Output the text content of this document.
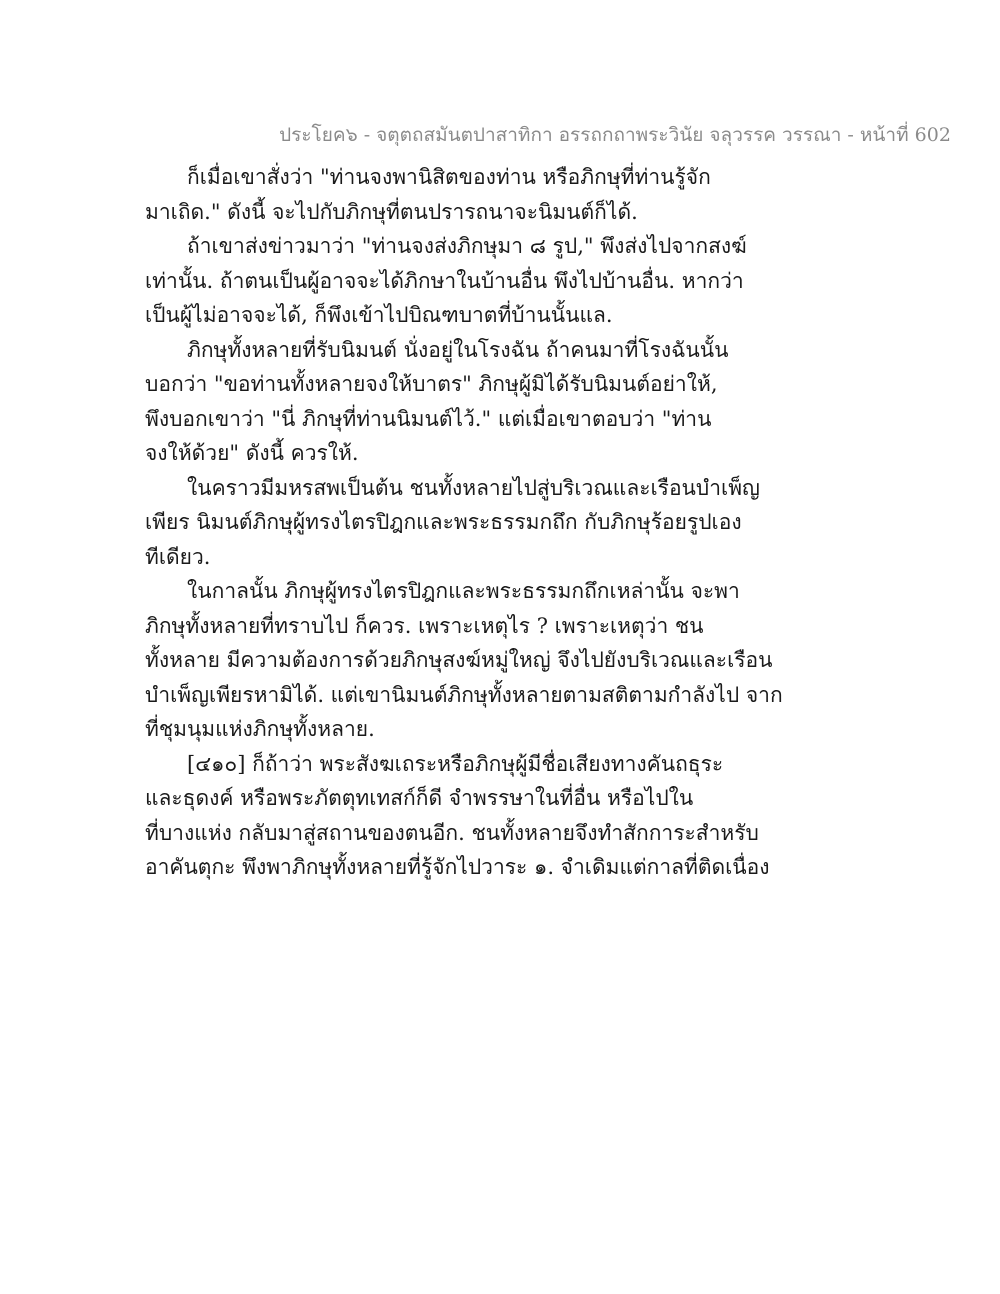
ประโยค๖ - จตุตถสมันตปาสาทิกา อรรถกถาพระวินัย จลุวรรค วรรณา - หน้าที่ 602
ก็เมื่อเขาสั่งว่า "ท่านจงพานิสิตของท่าน หรือภิกษุที่ท่านรู้จัก
มาเถิด." ดังนี้ จะไปกับภิกษุที่ตนปรารถนาจะนิมนต์ก็ได้.
ถ้าเขาส่งข่าวมาว่า "ท่านจงส่งภิกษุมา ๘ รูป," พึงส่งไปจากสงฆ์
เท่านั้น. ถ้าตนเป็นผู้อาจจะได้ภิกษาในบ้านอื่น พึงไปบ้านอื่น. หากว่า
เป็นผู้ไม่อาจจะได้, ก็พึงเข้าไปบิณฑบาตที่บ้านนั้นแล.
ภิกษุทั้งหลายที่รับนิมนต์ นั่งอยู่ในโรงฉัน ถ้าคนมาที่โรงฉันนั้น
บอกว่า "ขอท่านทั้งหลายจงให้บาตร" ภิกษุผู้มิได้รับนิมนต์อย่าให้,
พึงบอกเขาว่า "นี่ ภิกษุที่ท่านนิมนต์ไว้." แต่เมื่อเขาตอบว่า "ท่าน
จงให้ด้วย" ดังนี้ ควรให้.
ในคราวมีมหรสพเป็นต้น ชนทั้งหลายไปสู่บริเวณและเรือนบำเพ็ญ
เพียร นิมนต์ภิกษุผู้ทรงไตรปิฎกและพระธรรมกถึก กับภิกษุร้อยรูปเอง
ทีเดียว.
ในกาลนั้น ภิกษุผู้ทรงไตรปิฎกและพระธรรมกถึกเหล่านั้น จะพา
ภิกษุทั้งหลายที่ทราบไป ก็ควร. เพราะเหตุไร ? เพราะเหตุว่า ชน
ทั้งหลาย มีความต้องการด้วยภิกษุสงฆ์หมู่ใหญ่ จึงไปยังบริเวณและเรือน
บำเพ็ญเพียรหามิได้. แต่เขานิมนต์ภิกษุทั้งหลายตามสติตามกำลังไป จาก
ที่ชุมนุมแห่งภิกษุทั้งหลาย.
[๔๑๐] ก็ถ้าว่า พระสังฆเถระหรือภิกษุผู้มีชื่อเสียงทางคันถธุระ
และธุดงค์ หรือพระภัตตุทเทสก์ก็ดี จำพรรษาในที่อื่น หรือไปใน
ที่บางแห่ง กลับมาสู่สถานของตนอีก. ชนทั้งหลายจึงทำสักการะสำหรับ
อาคันตุกะ พึงพาภิกษุทั้งหลายที่รู้จักไปวาระ ๑. จำเดิมแต่กาลที่ติดเนื่อง
